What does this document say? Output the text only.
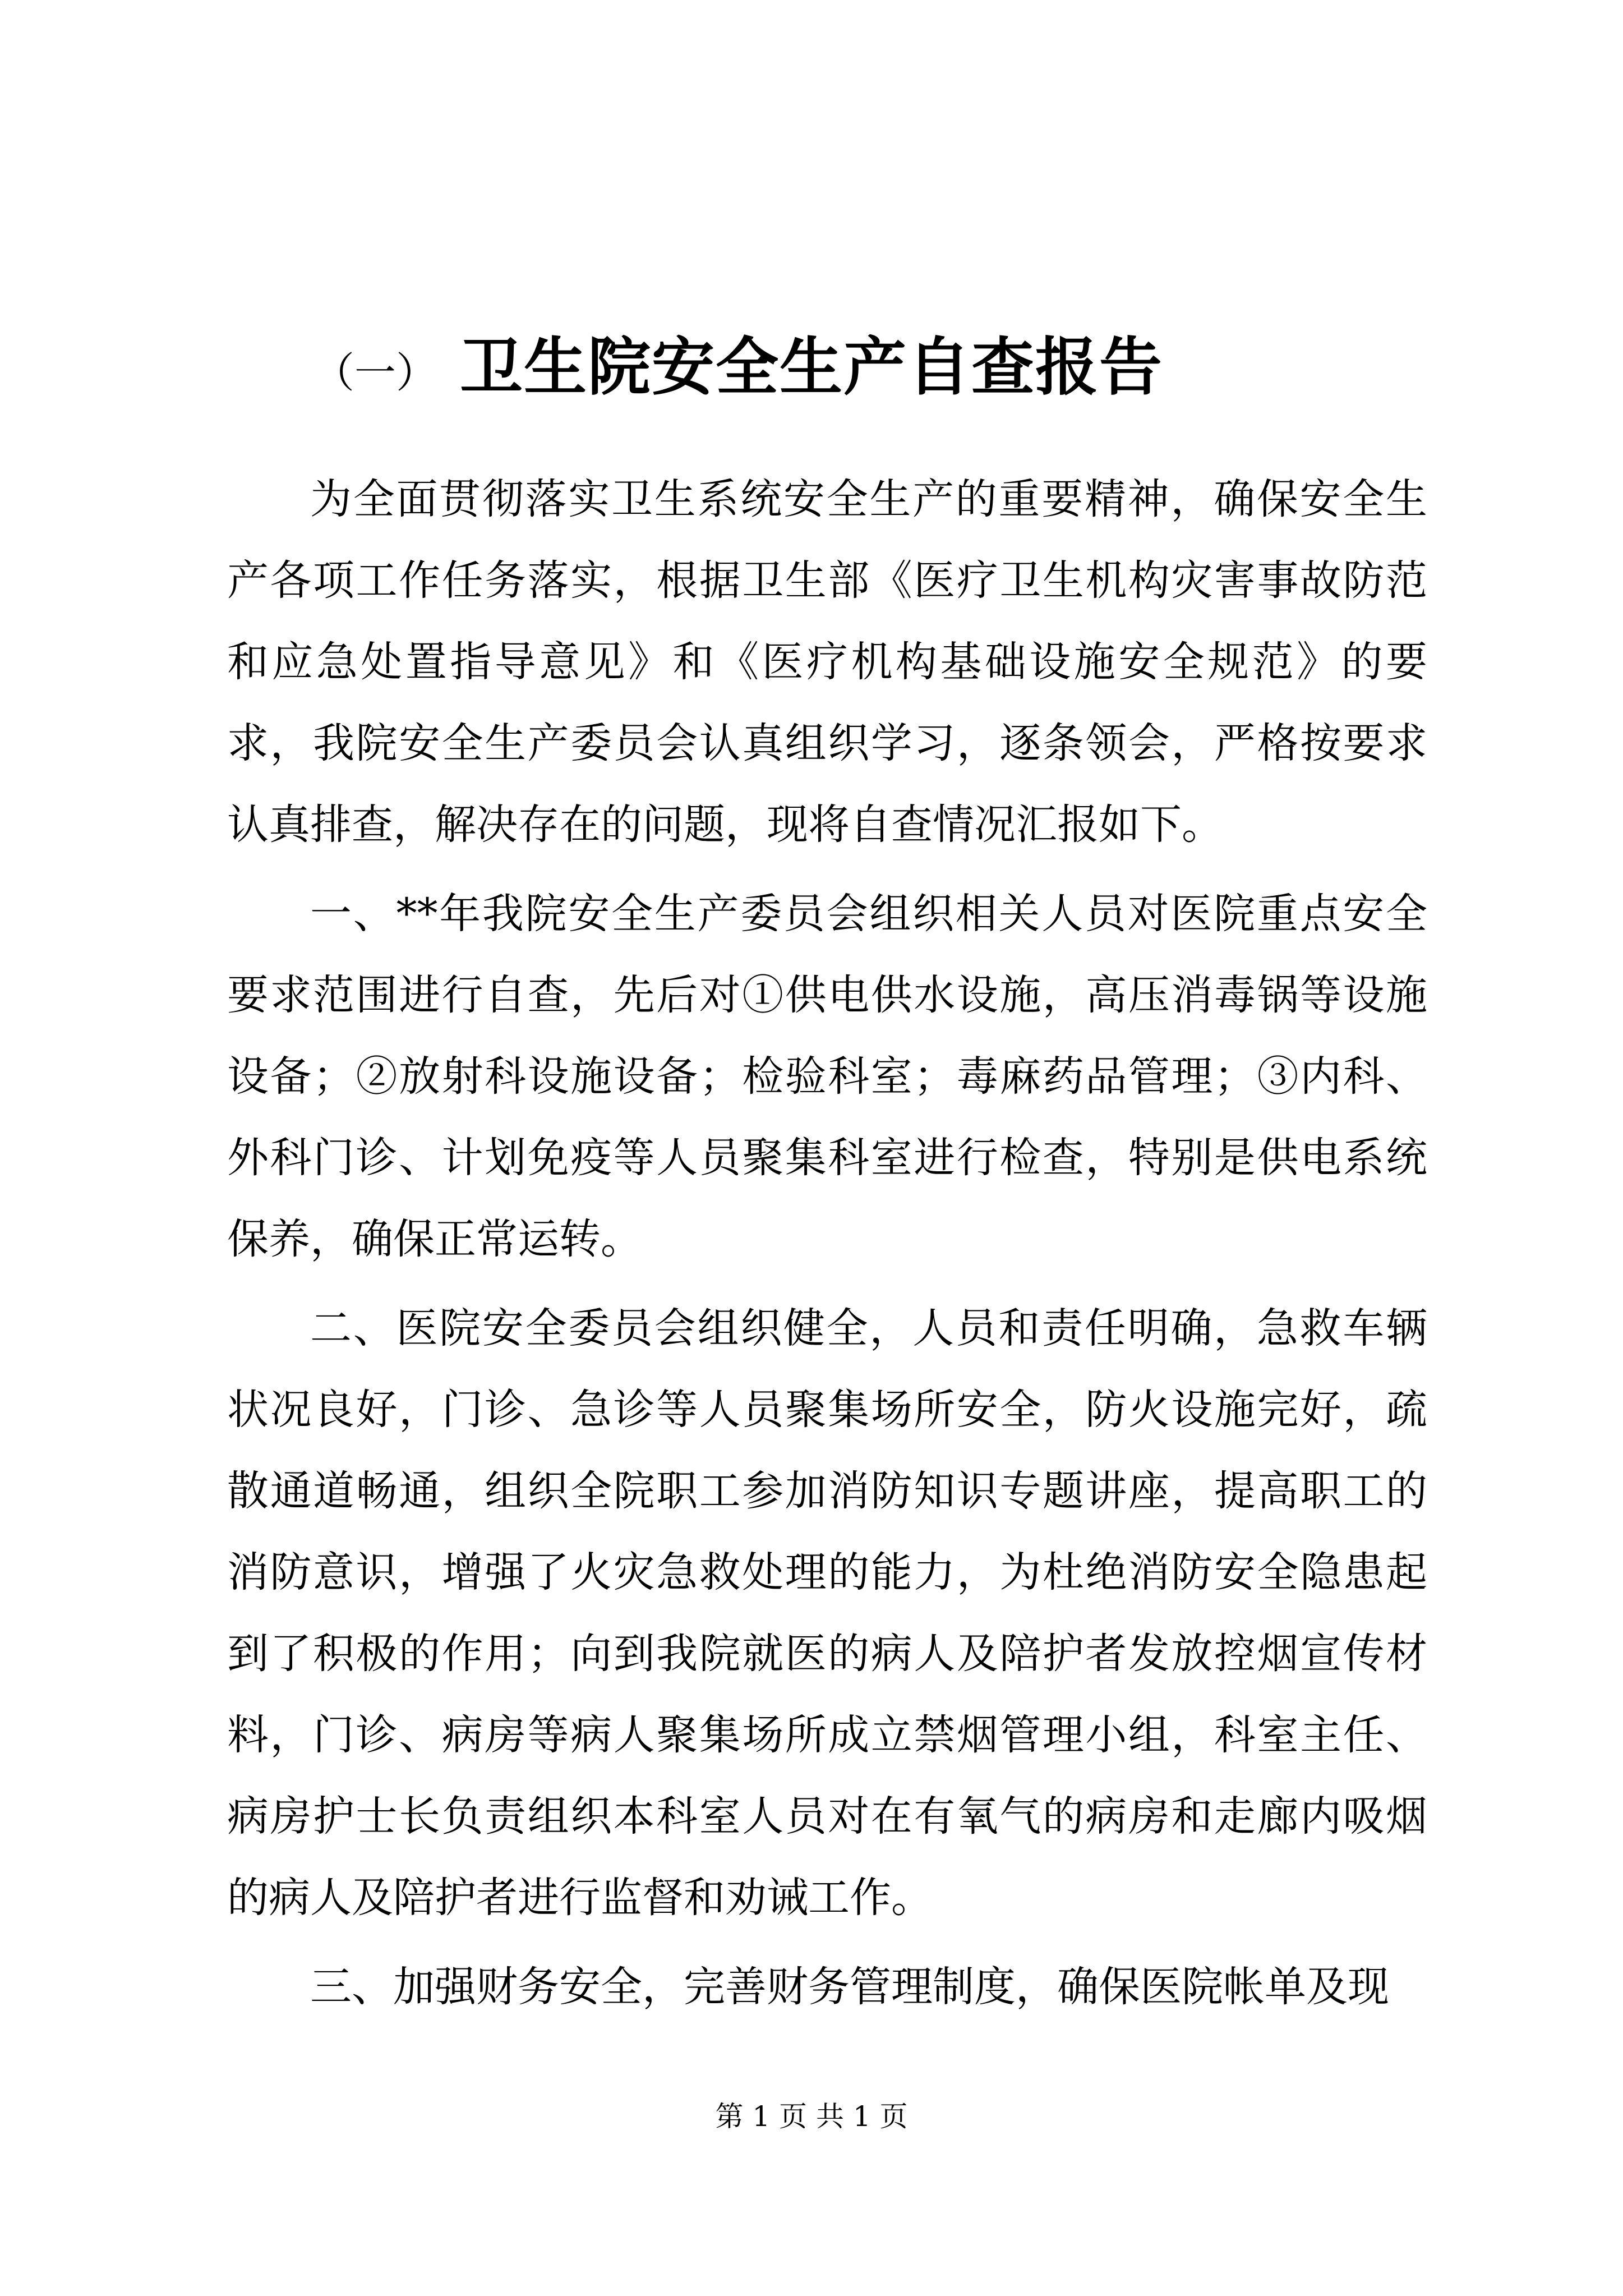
卫生院安全生产自查报告
（一）

为全面贯彻落实卫生系统安全生产的重要精神，确保安全生产各项工作任务落实，根据卫生部《医疗卫生机构灾害事故防范和应急处置指导意见》和《医疗机构基础设施安全规范》的要求，我院安全生产委员会认真组织学习，逐条领会，严格按要求认真排查，解决存在的问题，现将自查情况汇报如下。

一、**年我院安全生产委员会组织相关人员对医院重点安全要求范围进行自查，先后对①供电供水设施，高压消毒锅等设施设备；②放射科设施设备；检验科室；毒麻药品管理；③内科、外科门诊、计划免疫等人员聚集科室进行检查，特别是供电系统保养，确保正常运转。

二、医院安全委员会组织健全，人员和责任明确，急救车辆状况良好，门诊、急诊等人员聚集场所安全，防火设施完好，疏散通道畅通，组织全院职工参加消防知识专题讲座，提高职工的消防意识，增强了火灾急救处理的能力，为杜绝消防安全隐患起到了积极的作用；向到我院就医的病人及陪护者发放控烟宣传材料，门诊、病房等病人聚集场所成立禁烟管理小组，科室主任、病房护士长负责组织本科室人员对在有氧气的病房和走廊内吸烟的病人及陪护者进行监督和劝诫工作。

三、加强财务安全，完善财务管理制度，确保医院帐单及现

第 1 页 共 1 页
